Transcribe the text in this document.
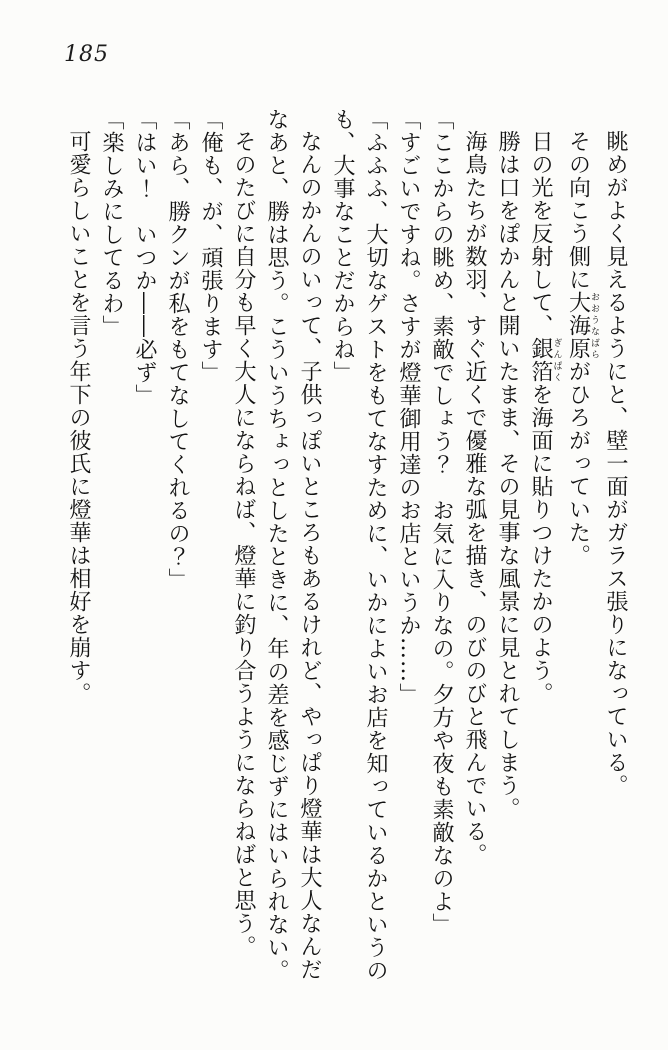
185

眺めがよく見えるようにと、壁一面がガラス張りになっている。

その向こう側に大海原おおうなばらがひろがっていた。

日の光を反射して、銀箔ぎんぱくを海面に貼りつけたかのよう。

勝は口をぽかんと開いたまま、その見事な風景に見とれてしまう。

海鳥たちが数羽、すぐ近くで優雅な弧を描き、のびのびと飛んでいる。

「ここからの眺め、素敵でしょう？　お気に入りなの。夕方や夜も素敵なのよ」

「すごいですね。さすが燈華御用達のお店というか……」

「ふふふ、大切なゲストをもてなすために、いかによいお店を知っているかというの

も、大事なことだからね」

なんのかんのいって、子供っぽいところもあるけれど、やっぱり燈華は大人なんだ

なあと、勝は思う。こういうちょっとしたときに、年の差を感じずにはいられない。

そのたびに自分も早く大人にならねば、燈華に釣り合うようにならねばと思う。

「俺も、が、頑張ります」

「あら、勝クンが私をもてなしてくれるの？」

「はい！　いつか――必ず」

「楽しみにしてるわ」

可愛らしいことを言う年下の彼氏に燈華は相好を崩す。
